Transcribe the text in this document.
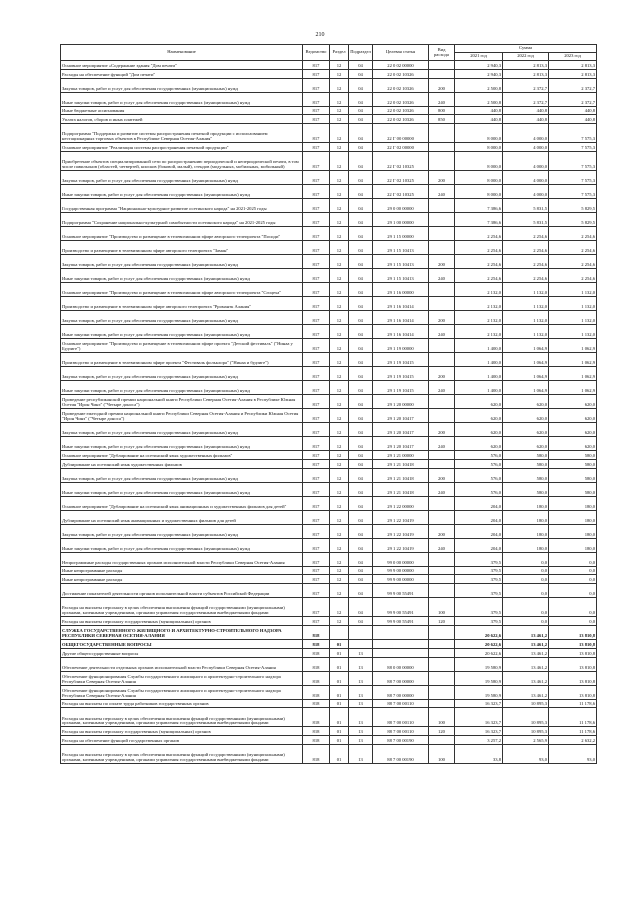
210
Наименование	Ведомство	Раздел	Подраздел	Целевая статья	Вид расхода	Сумма		
						2021 год	2022 год	2023 год
Основное мероприятие «Содержание здания "Дом печати"	817	12	04	22 0 02 00000		2 940,3	2 813,3	2 813,3
Расходы на обеспечение функций "Дом печати"	817	12	04	22 0 02 10326		2 940,3	2 813,3	2 813,3
Закупка товаров, работ и услуг для обеспечения государственных (муниципальных) нужд	817	12	04	22 0 02 10326	200	2 500,8	2 372,7	2 372,7
Иные закупки товаров, работ и услуг для обеспечения государственных (муниципальных) нужд	817	12	04	22 0 02 10326	240	2 500,8	2 372,7	2 372,7
Иные бюджетные ассигнования	817	12	04	22 0 02 10326	800	440,8	440,8	440,8
Уплата налогов, сборов и иных платежей	817	12	04	22 0 02 10326	850	440,8	440,8	440,8
Подпрограмма "Поддержка и развитие системы распространения печатной продукции с использованием нестационарных торговых объектов в Республике Северная Осетия-Алания"	817	12	04	22 Г 00 00000		8 000,0	4 000,0	7 575,3
Основное мероприятие "Реализация системы распространения печатной продукции"	817	12	04	22 Г 02 00000		8 000,0	4 000,0	7 575,3
Приобретение объектов специализированной сети по распространению периодической и непериодической печати, в том числе павильонов (областей, четвертей, киосков (боковой, малый), стендов (модульных, мобильных, мобильный)	817	12	04	22 Г 02 10325		8 000,0	4 000,0	7 575,3
Закупка товаров, работ и услуг для обеспечения государственных (муниципальных) нужд	817	12	04	22 Г 02 10325	200	8 000,0	4 000,0	7 575,3
Иные закупки товаров, работ и услуг для обеспечения государственных (муниципальных) нужд	817	12	04	22 Г 02 10325	240	8 000,0	4 000,0	7 575,3
Государственная программа "Национально-культурное развитие осетинского народа" на 2021-2025 годы	817	12	04	29 0 00 00000		7 386,6	5 831,5	5 829,5
Подпрограмма "Сохранение национально-культурной самобытности осетинского народа" на 2021-2025 годы	817	12	04	29 1 00 00000		7 386,6	5 831,5	5 829,5
Основное мероприятие "Производство и размещение в телевизионном эфире авторского телепроекта "Посиди"	817	12	04	29 1 15 00000		2 254,6	2 254,6	2 254,6
Производство и размещение в телевизионном эфире авторского телепроекта "Заман"	817	12	04	29 1 15 10413		2 254,6	2 254,6	2 254,6
Закупка товаров, работ и услуг для обеспечения государственных (муниципальных) нужд	817	12	04	29 1 15 10413	200	2 254,6	2 254,6	2 254,6
Иные закупки товаров, работ и услуг для обеспечения государственных (муниципальных) нужд	817	12	04	29 1 15 10413	240	2 254,6	2 254,6	2 254,6
Основное мероприятие "Производство и размещение в телевизионном эфире авторского телепроекта "Сгоцеха"	817	12	04	29 1 16 00000		2 132,0	1 132,0	1 132,0
Производство и размещение в телевизионном эфире авторского телепроекта "Рромантк Алания"	817	12	04	29 1 16 10414		2 132,0	1 132,0	1 132,0
Закупка товаров, работ и услуг для обеспечения государственных (муниципальных) нужд	817	12	04	29 1 16 10414	200	2 132,0	1 132,0	1 132,0
Иные закупки товаров, работ и услуг для обеспечения государственных (муниципальных) нужд	817	12	04	29 1 16 10414	240	2 132,0	1 132,0	1 132,0
Основное мероприятие "Производство и размещение в телевизионном эфире проекта "Детский фестиваль" ("Нинаа у Будзиге")	817	12	04	29 1 19 00000		1 400,0	1 064,9	1 062,9
Производство и размещение в телевизионном эфире проекта "Фестиваль фольклора" ("Нинаа и будзиге")	817	12	04	29 1 19 10415		1 400,0	1 064,9	1 062,9
Закупка товаров, работ и услуг для обеспечения государственных (муниципальных) нужд	817	12	04	29 1 19 10415	200	1 400,0	1 064,9	1 062,9
Иные закупки товаров, работ и услуг для обеспечения государственных (муниципальных) нужд	817	12	04	29 1 19 10415	240	1 400,0	1 064,9	1 062,9
Проведение республиканской премии национальной книги Республики Северная Осетия-Алания в Республике Южная Осетия "Ирон Чинэ" ("Четыре доноса")	817	12	04	29 1 20 00000		620,0	620,0	620,0
Проведение ежегодной премии национальной книги Республики Северная Осетия-Алания и Республики Южная Осетия "Ирон Чинэ" ("Четыре доноса")	817	12	04	29 1 20 10417		620,0	620,0	620,0
Закупка товаров, работ и услуг для обеспечения государственных (муниципальных) нужд	817	12	04	29 1 20 10417	200	620,0	620,0	620,0
Иные закупки товаров, работ и услуг для обеспечения государственных (муниципальных) нужд	817	12	04	29 1 20 10417	240	620,0	620,0	620,0
Основное мероприятие "Дублирование на осетинский язык художественных фильмов"	817	12	04	29 1 21 00000		576,0	580,0	580,0
Дублирование на осетинский язык художественных фильмов	817	12	04	29 1 21 10418		576,0	580,0	580,0
Закупка товаров, работ и услуг для обеспечения государственных (муниципальных) нужд	817	12	04	29 1 21 10418	200	576,0	580,0	580,0
Иные закупки товаров, работ и услуг для обеспечения государственных (муниципальных) нужд	817	12	04	29 1 21 10418	240	576,0	580,0	580,0
Основное мероприятие "Дублирование на осетинский язык анимационных и художественных фильмов для детей"	817	12	04	29 1 22 00000		204,0	180,0	180,0
Дублирование на осетинский язык анимационных и художественных фильмов для детей	817	12	04	29 1 22 10419		204,0	180,0	180,0
Закупка товаров, работ и услуг для обеспечения государственных (муниципальных) нужд	817	12	04	29 1 22 10419	200	204,0	180,0	180,0
Иные закупки товаров, работ и услуг для обеспечения государственных (муниципальных) нужд	817	12	04	29 1 22 10419	240	204,0	180,0	180,0
Непрограммные расходы государственных органов исполнительной власти Республики Северная Осетия-Алания	817	12	04	99 0 00 00000		379,5	0,0	0,0
Иные непрограммные расходы	817	12	04	99 9 00 00000		379,5	0,0	0,0
Иные непрограммные расходы	817	12	04	99 9 00 00000		379,5	0,0	0,0
Достижение показателей деятельности органов исполнительной власти субъектов Российской Федерации	817	12	04	99 9 00 55491		379,5	0,0	0,0
Расходы на выплаты персоналу в целях обеспечения выполнения функций государственными (муниципальными) органами, казенными учреждениями, органами управления государственными внебюджетными фондами	817	12	04	99 9 00 55491	100	379,5	0,0	0,0
Расходы на выплаты персоналу государственных (муниципальных) органов	817	12	04	99 9 00 55491	120	379,5	0,0	0,0
СЛУЖБА ГОСУДАРСТВЕННОГО ЖИЛИЩНОГО И АРХИТЕКТУРНО-СТРОИТЕЛЬНОГО НАДЗОРА РЕСПУБЛИКИ СЕВЕРНАЯ ОСЕТИЯ-АЛАНИЯ	818					20 622,6	13 461,2	13 810,8
ОБЩЕГОСУДАРСТВЕННЫЕ ВОПРОСЫ	818	01				20 622,6	13 461,2	13 810,8
Другие общегосударственные вопросы	818	01	13			20 622,6	13 461,2	13 810,8
Обеспечение деятельности отдельных органов исполнительной власти Республики Северная Осетия-Алания	818	01	13	88 0 00 00000		19 580,9	13 461,2	13 810,8
Обеспечение функционирования Службы государственного жилищного и архитектурно-строительного надзора Республики Северная Осетия-Алания	818	01	13	88 7 00 00000		19 580,9	13 461,2	13 810,8
Обеспечение функционирования Службы государственного жилищного и архитектурно-строительного надзора Республики Северная Осетия-Алания	818	01	13	88 7 00 00000		19 580,9	13 461,2	13 810,8
Расходы на выплаты по оплате труда работников государственных органов	818	01	13	88 7 00 00110		16 323,7	10 895,3	11 178,6
Расходы на выплаты персоналу в целях обеспечения выполнения функций государственными (муниципальными) органами, казенными учреждениями, органами управления государственными внебюджетными фондами	818	01	13	88 7 00 00110	100	16 323,7	10 895,3	11 178,6
Расходы на выплаты персоналу государственных (муниципальных) органов	818	01	13	88 7 00 00110	120	16 323,7	10 895,3	11 178,6
Расходы на обеспечение функций государственных органов	818	01	13	88 7 00 00190		3 257,2	2 565,9	2 632,2
Расходы на выплаты персоналу в целях обеспечения выполнения функций государственными (муниципальными) органами, казенными учреждениями, органами управления государственными внебюджетными фондами	818	01	13	88 7 00 00190	100	33,8	93,0	93,0
